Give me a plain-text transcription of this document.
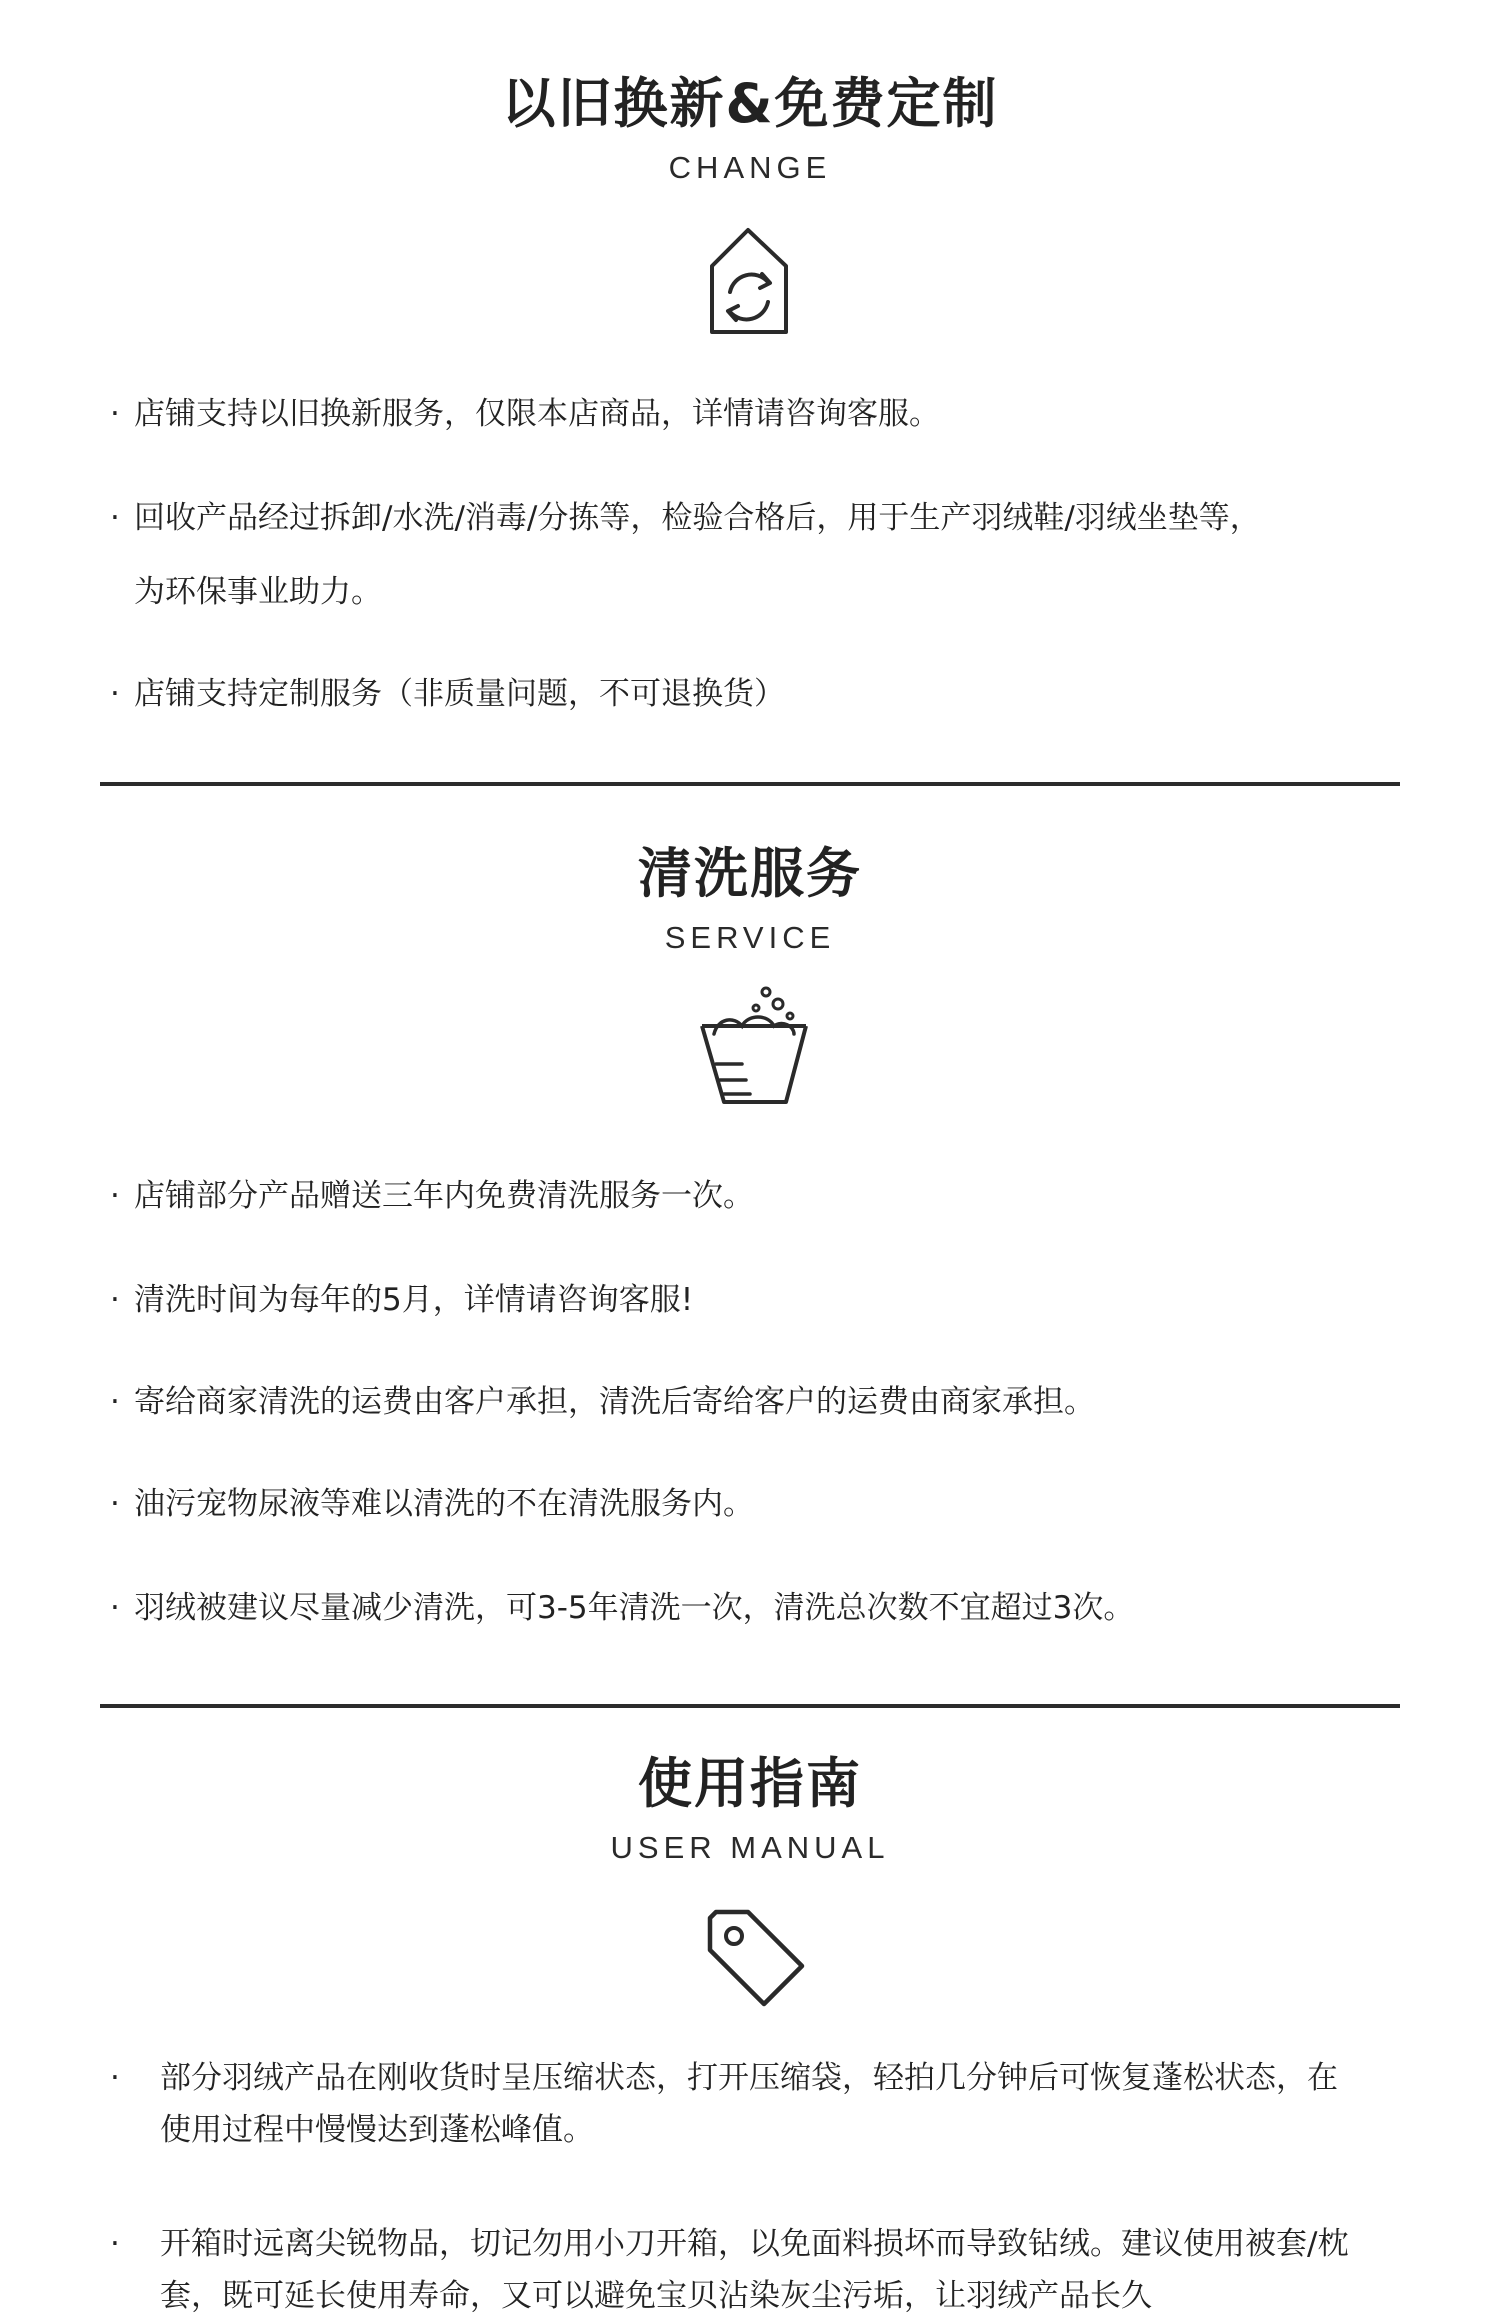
以旧换新&免费定制
CHANGE
· 店铺支持以旧换新服务，仅限本店商品，详情请咨询客服。
· 回收产品经过拆卸/水洗/消毒/分拣等，检验合格后，用于生产羽绒鞋/羽绒坐垫等，
为环保事业助力。
· 店铺支持定制服务（非质量问题，不可退换货）
清洗服务
SERVICE
· 店铺部分产品赠送三年内免费清洗服务一次。
· 清洗时间为每年的5月，详情请咨询客服!
· 寄给商家清洗的运费由客户承担，清洗后寄给客户的运费由商家承担。
· 油污宠物尿液等难以清洗的不在清洗服务内。
· 羽绒被建议尽量减少清洗，可3-5年清洗一次，清洗总次数不宜超过3次。
使用指南
USER MANUAL
· 部分羽绒产品在刚收货时呈压缩状态，打开压缩袋，轻拍几分钟后可恢复蓬松状态，在使用过程中慢慢达到蓬松峰值。
· 开箱时远离尖锐物品，切记勿用小刀开箱，以免面料损坏而导致钻绒。建议使用被套/枕套，既可延长使用寿命，又可以避免宝贝沾染灰尘污垢，让羽绒产品长久
